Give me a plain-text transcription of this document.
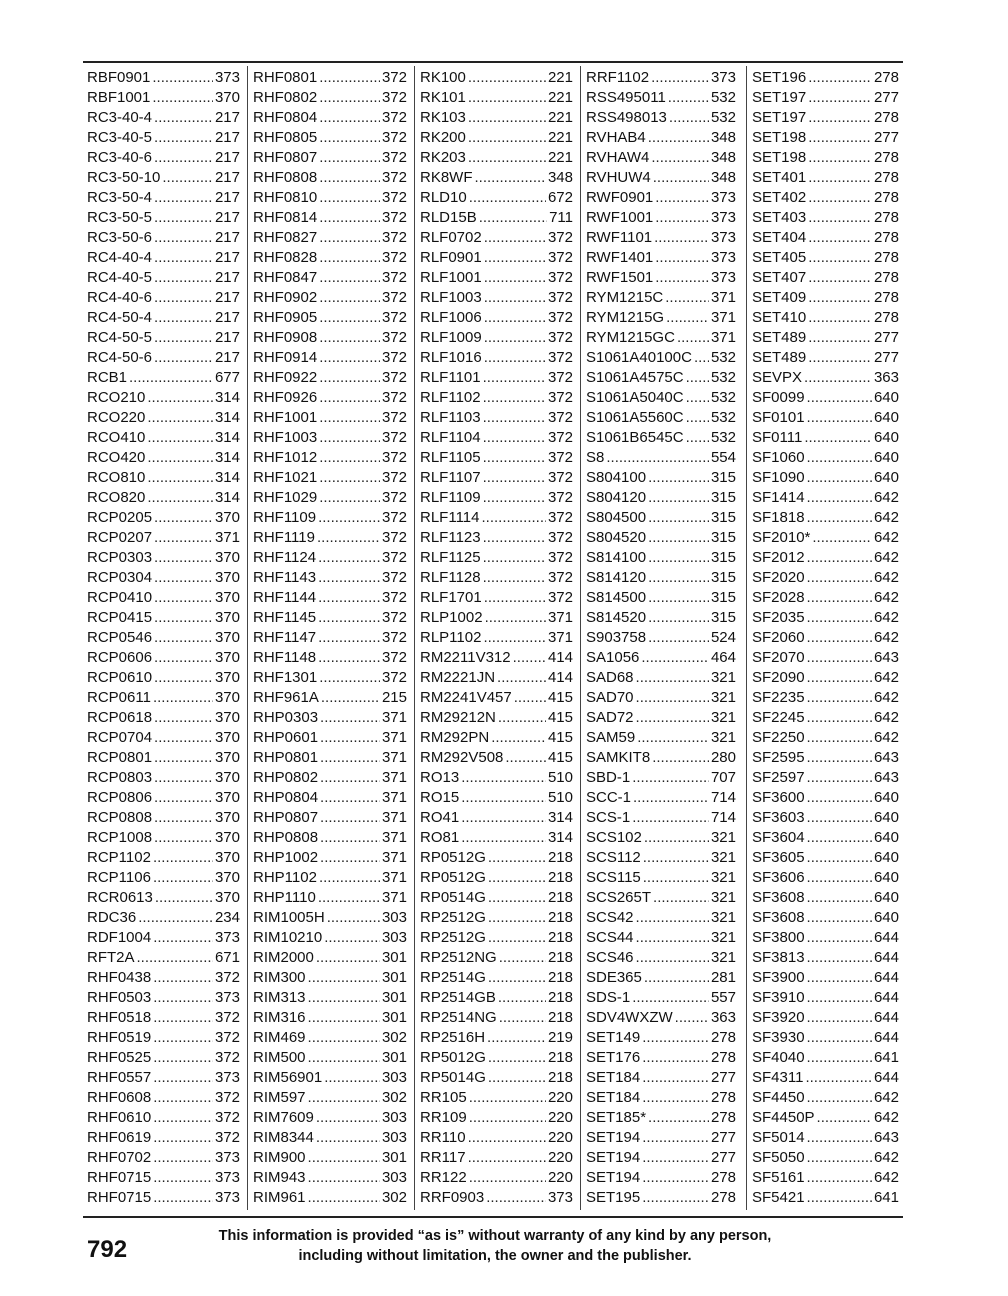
RBF0901 .....	373
RBF1001 .....	370
RC3-40-4 .....	217
RC3-40-5 .....	217
RC3-40-6 .....	217
RC3-50-10 .....	217
RC3-50-4 .....	217
RC3-50-5 .....	217
RC3-50-6 .....	217
RC4-40-4 .....	217
RC4-40-5 .....	217
RC4-40-6 .....	217
RC4-50-4 .....	217
RC4-50-5 .....	217
RC4-50-6 .....	217
RCB1 .....	677
RCO210 .....	314
RCO220 .....	314
RCO410 .....	314
RCO420 .....	314
RCO810 .....	314
RCO820 .....	314
RCP0205 .....	370
RCP0207 .....	371
RCP0303 .....	370
RCP0304 .....	370
RCP0410 .....	370
RCP0415 .....	370
RCP0546 .....	370
RCP0606 .....	370
RCP0610 .....	370
RCP0611 .....	370
RCP0618 .....	370
RCP0704 .....	370
RCP0801 .....	370
RCP0803 .....	370
RCP0806 .....	370
RCP0808 .....	370
RCP1008 .....	370
RCP1102 .....	370
RCP1106 .....	370
RCR0613 .....	370
RDC36 .....	234
RDF1004 .....	373
RFT2A .....	671
RHF0438 .....	372
RHF0503 .....	373
RHF0518 .....	372
RHF0519 .....	372
RHF0525 .....	372
RHF0557 .....	373
RHF0608 .....	372
RHF0610 .....	372
RHF0619 .....	372
RHF0702 .....	373
RHF0715 .....	373
RHF0715 .....	373
RHF0801 .....	372
RHF0802 .....	372
RHF0804 .....	372
RHF0805 .....	372
RHF0807 .....	372
RHF0808 .....	372
RHF0810 .....	372
RHF0814 .....	372
RHF0827 .....	372
RHF0828 .....	372
RHF0847 .....	372
RHF0902 .....	372
RHF0905 .....	372
RHF0908 .....	372
RHF0914 .....	372
RHF0922 .....	372
RHF0926 .....	372
RHF1001 .....	372
RHF1003 .....	372
RHF1012 .....	372
RHF1021 .....	372
RHF1029 .....	372
RHF1109 .....	372
RHF1119 .....	372
RHF1124 .....	372
RHF1143 .....	372
RHF1144 .....	372
RHF1145 .....	372
RHF1147 .....	372
RHF1148 .....	372
RHF1301 .....	372
RHF961A .....	215
RHP0303 .....	371
RHP0601 .....	371
RHP0801 .....	371
RHP0802 .....	371
RHP0804 .....	371
RHP0807 .....	371
RHP0808 .....	371
RHP1002 .....	371
RHP1102 .....	371
RHP1110 .....	371
RIM1005H .....	303
RIM10210 .....	303
RIM2000 .....	301
RIM300 .....	301
RIM313 .....	301
RIM316 .....	301
RIM469 .....	302
RIM500 .....	301
RIM56901 .....	303
RIM597 .....	302
RIM7609 .....	303
RIM8344 .....	303
RIM900 .....	301
RIM943 .....	303
RIM961 .....	302
RK100 .....	221
RK101 .....	221
RK103 .....	221
RK200 .....	221
RK203 .....	221
RK8WF .....	348
RLD10 .....	672
RLD15B .....	711
RLF0702 .....	372
RLF0901 .....	372
RLF1001 .....	372
RLF1003 .....	372
RLF1006 .....	372
RLF1009 .....	372
RLF1016 .....	372
RLF1101 .....	372
RLF1102 .....	372
RLF1103 .....	372
RLF1104 .....	372
RLF1105 .....	372
RLF1107 .....	372
RLF1109 .....	372
RLF1114 .....	372
RLF1123 .....	372
RLF1125 .....	372
RLF1128 .....	372
RLF1701 .....	372
RLP1002 .....	371
RLP1102 .....	371
RM2211V312 ..... 414
RM2221JN .....	414
RM2241V457 ..... 415
RM29212N .....	415
RM292PN .....	415
RM292V508 .....	415
RO13 .....	510
RO15 .....	510
RO41 .....	314
RO81 .....	314
RP0512G .....	218
RP0512G .....	218
RP0514G .....	218
RP2512G .....	218
RP2512G .....	218
RP2512NG .....	218
RP2514G .....	218
RP2514GB .....	218
RP2514NG .....	218
RP2516H .....	219
RP5012G .....	218
RP5014G .....	218
RR105 .....	220
RR109 .....	220
RR110 .....	220
RR117 .....	220
RR122 .....	220
RRF0903 .....	373
RRF1102 .....	373
RSS495011 .....	532
RSS498013 .....	532
RVHAB4 .....	348
RVHAW4 .....	348
RVHUW4 .....	348
RWF0901 .....	373
RWF1001 .....	373
RWF1101 .....	373
RWF1401 .....	373
RWF1501 .....	373
RYM1215C .....	371
RYM1215G .....	371
RYM1215GC ..... 371
S1061A40100C ..... 532
S1061A4575C ..... 532
S1061A5040C ..... 532
S1061A5560C ..... 532
S1061B6545C ..... 532
S8 .....	554
S804100 .....	315
S804120 .....	315
S804500 .....	315
S804520 .....	315
S814100 .....	315
S814120 .....	315
S814500 .....	315
S814520 .....	315
S903758 .....	524
SA1056 .....	464
SAD68 .....	321
SAD70 .....	321
SAD72 .....	321
SAM59 .....	321
SAMKIT8 .....	280
SBD-1 .....	707
SCC-1 .....	714
SCS-1 .....	714
SCS102 .....	321
SCS112 .....	321
SCS115 .....	321
SCS265T .....	321
SCS42 .....	321
SCS44 .....	321
SCS46 .....	321
SDE365 .....	281
SDS-1 .....	557
SDV4WXZW .....	363
SET149 .....	278
SET176 .....	278
SET184 .....	277
SET184 .....	278
SET185* .....	278
SET194 .....	277
SET194 .....	277
SET194 .....	278
SET195 .....	278
SET196 .....	278
SET197 .....	277
SET197 .....	278
SET198 .....	277
SET198 .....	278
SET401 .....	278
SET402 .....	278
SET403 .....	278
SET404 .....	278
SET405 .....	278
SET407 .....	278
SET409 .....	278
SET410 .....	278
SET489 .....	277
SET489 .....	277
SEVPX .....	363
SF0099 .....	640
SF0101 .....	640
SF0111 .....	640
SF1060 .....	640
SF1090 .....	640
SF1414 .....	642
SF1818 .....	642
SF2010* .....	642
SF2012 .....	642
SF2020 .....	642
SF2028 .....	642
SF2035 .....	642
SF2060 .....	642
SF2070 .....	643
SF2090 .....	642
SF2235 .....	642
SF2245 .....	642
SF2250 .....	642
SF2595 .....	643
SF2597 .....	643
SF3600 .....	640
SF3603 .....	640
SF3604 .....	640
SF3605 .....	640
SF3606 .....	640
SF3608 .....	640
SF3608 .....	640
SF3800 .....	644
SF3813 .....	644
SF3900 .....	644
SF3910 .....	644
SF3920 .....	644
SF3930 .....	644
SF4040 .....	641
SF4311 .....	644
SF4450 .....	642
SF4450P .....	642
SF5014 .....	643
SF5050 .....	642
SF5161 .....	642
SF5421 .....	641
792	This information is provided “as is” without warranty of any kind by any person,
including without limitation, the owner and the publisher.
